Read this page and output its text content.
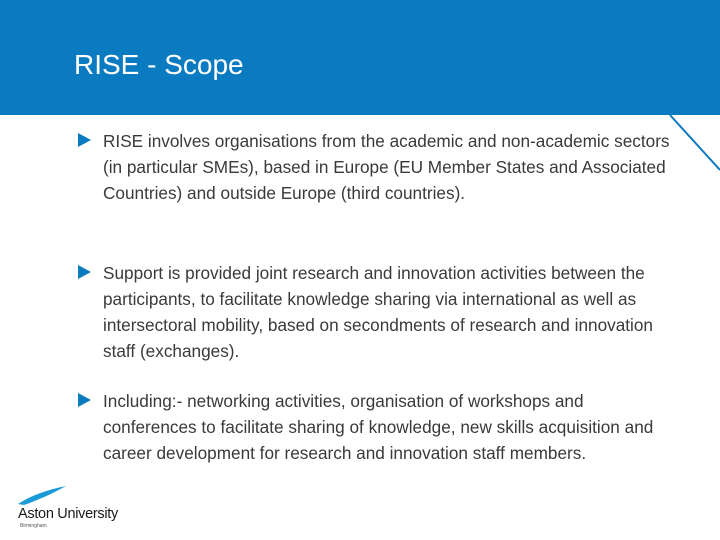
RISE - Scope
RISE involves organisations from the academic and non-academic sectors (in particular SMEs), based in Europe (EU Member States and Associated Countries) and outside Europe (third countries).
Support is provided joint research and innovation activities between the participants, to facilitate knowledge sharing via international as well as intersectoral mobility, based on secondments of research and innovation staff (exchanges).
Including:- networking activities, organisation of workshops and conferences to facilitate sharing of knowledge, new skills acquisition and career development for research and innovation staff members.
Aston University
Birmingham
